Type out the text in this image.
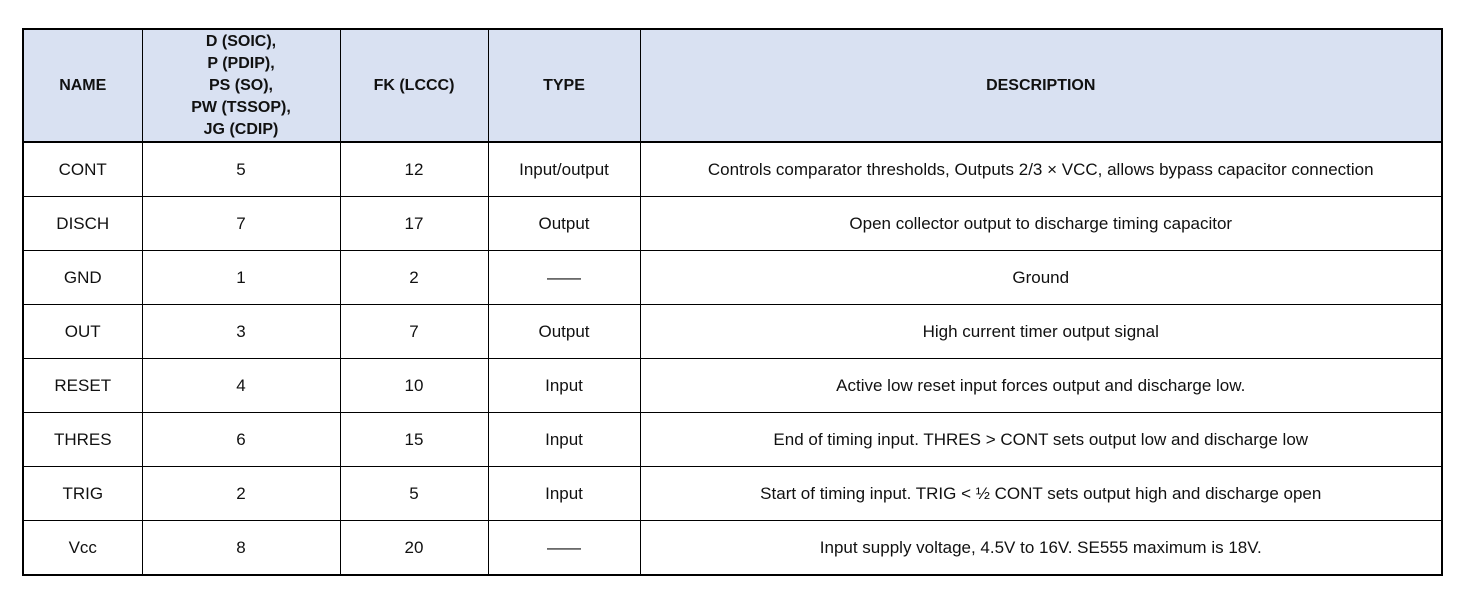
NAME	D (SOIC),
P (PDIP),
PS (SO),
PW (TSSOP),
JG (CDIP)	FK (LCCC)	TYPE	DESCRIPTION
CONT	5	12	Input/output	Controls comparator thresholds, Outputs 2/3 × VCC, allows bypass capacitor connection
DISCH	7	17	Output	Open collector output to discharge timing capacitor
GND	1	2	——	Ground
OUT	3	7	Output	High current timer output signal
RESET	4	10	Input	Active low reset input forces output and discharge low.
THRES	6	15	Input	End of timing input. THRES > CONT sets output low and discharge low
TRIG	2	5	Input	Start of timing input. TRIG < ½ CONT sets output high and discharge open
Vcc	8	20	——	Input supply voltage, 4.5V to 16V. SE555 maximum is 18V.
